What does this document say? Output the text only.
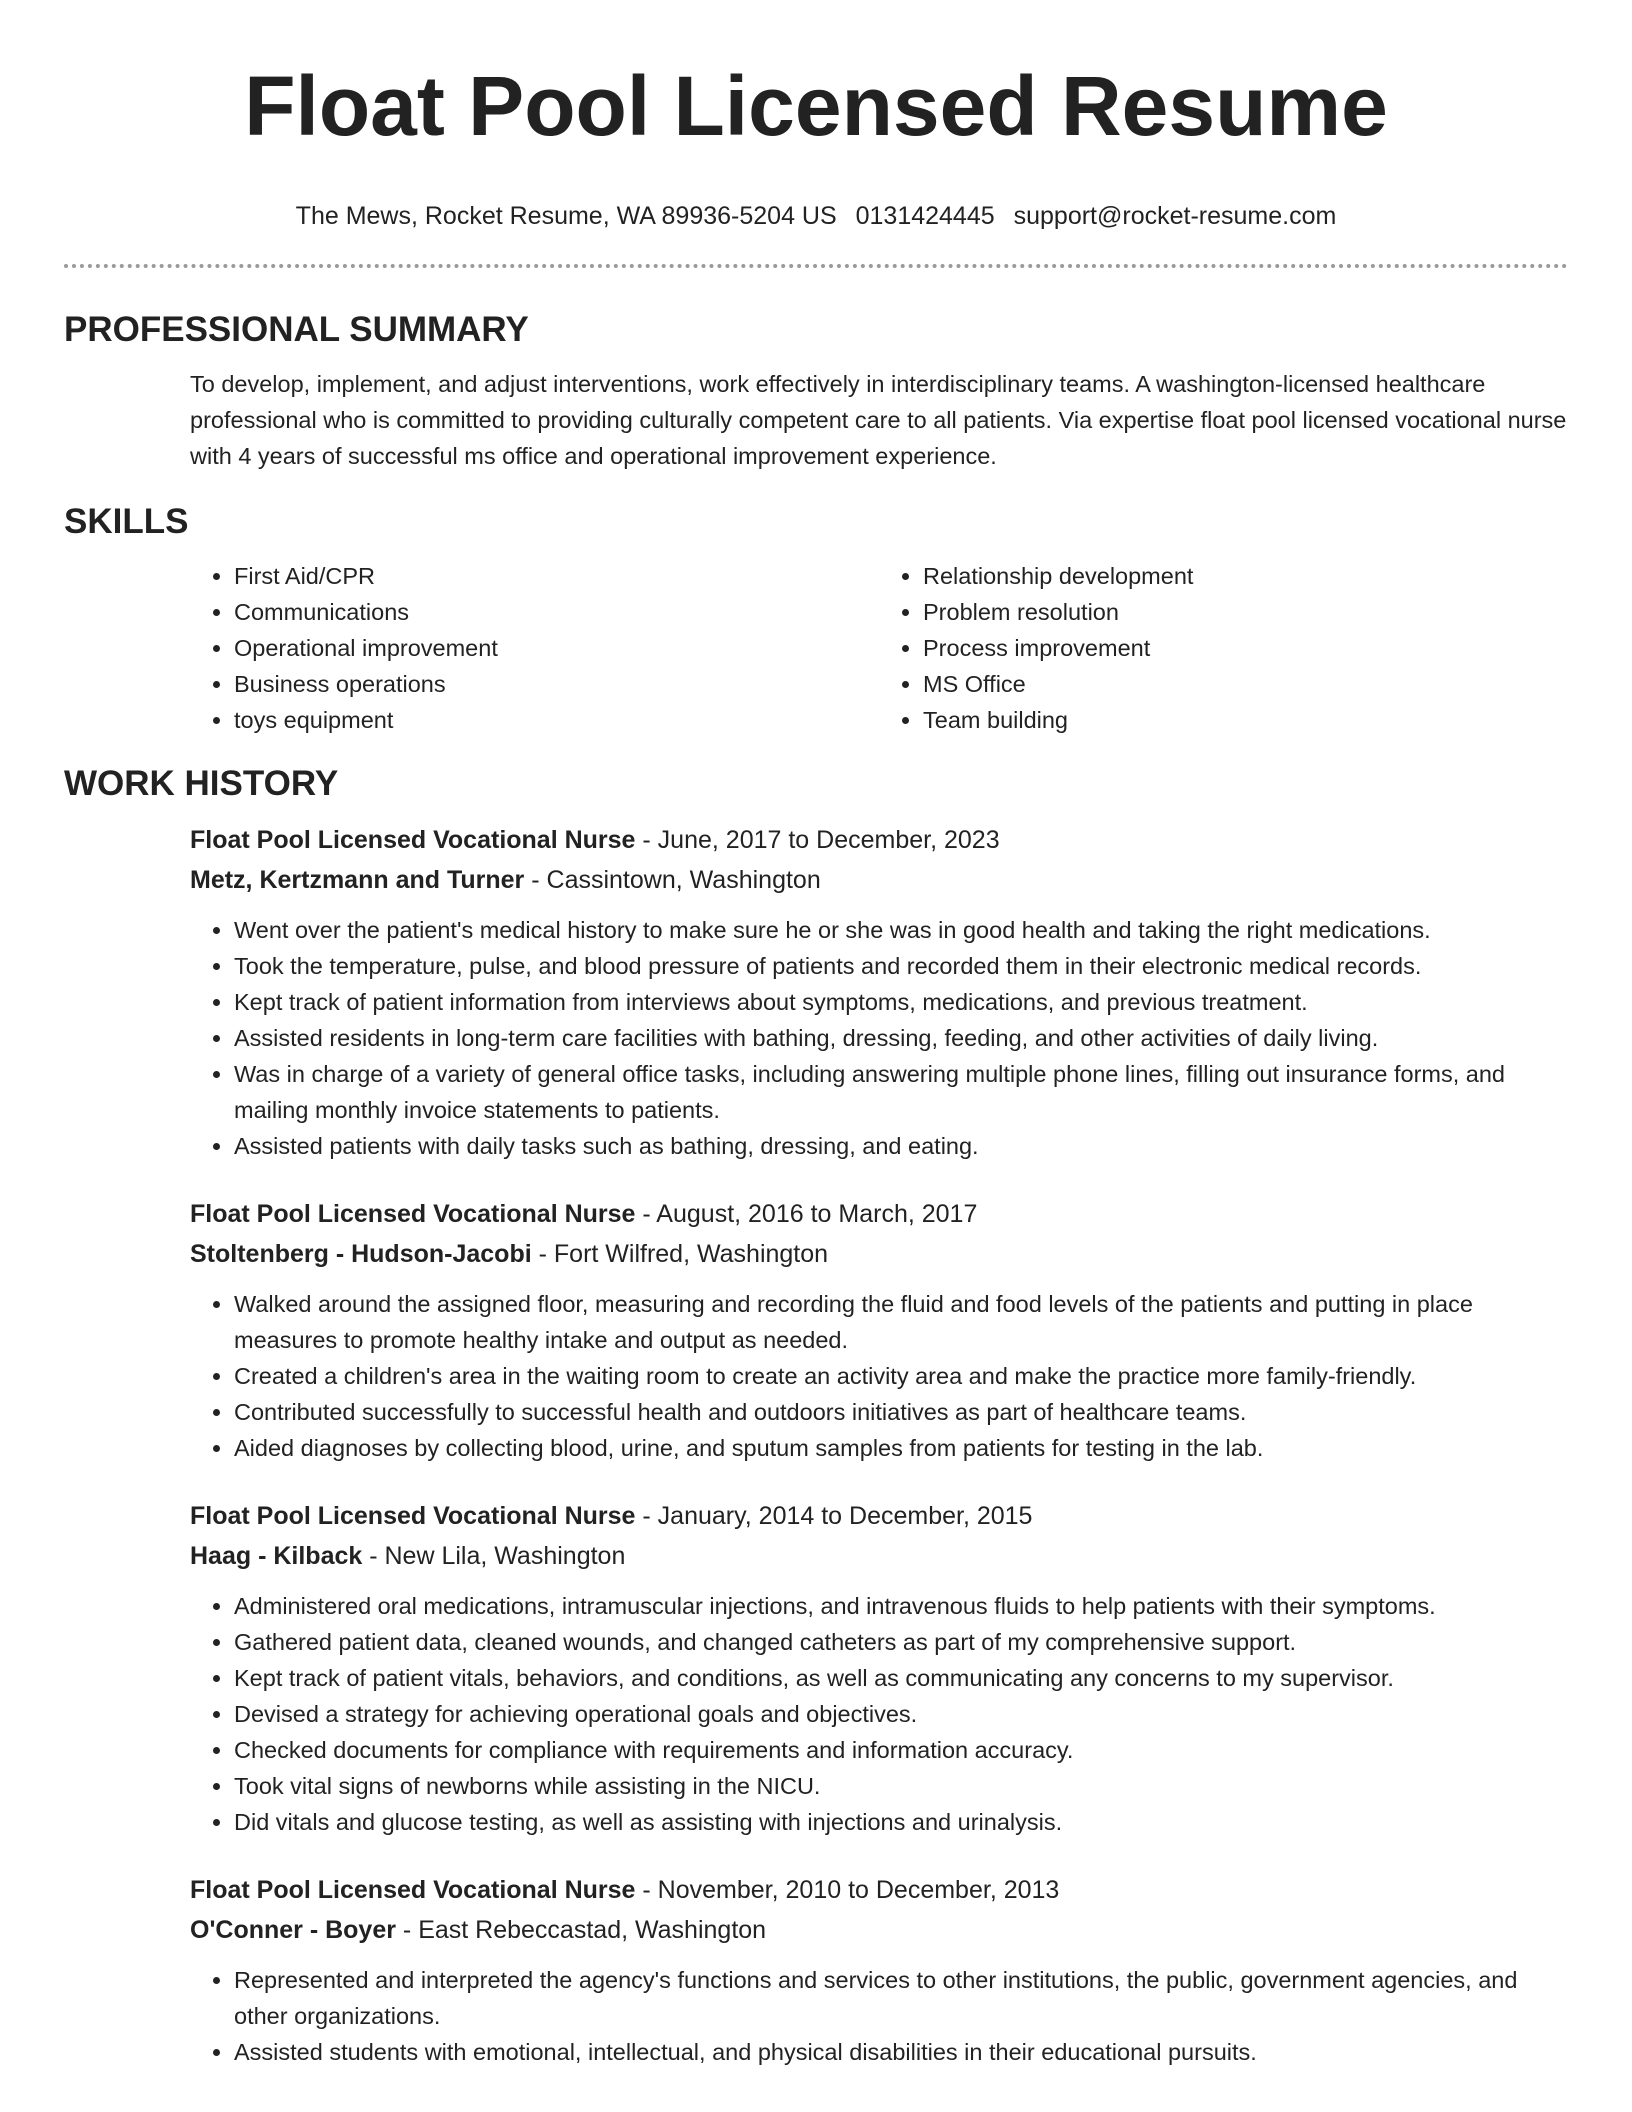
Float Pool Licensed Resume
The Mews, Rocket Resume, WA 89936-5204 US 0131424445 support@rocket-resume.com
PROFESSIONAL SUMMARY

To develop, implement, and adjust interventions, work effectively in interdisciplinary teams. A washington-licensed healthcare professional who is committed to providing culturally competent care to all patients. Via expertise float pool licensed vocational nurse with 4 years of successful ms office and operational improvement experience.

SKILLS
• First Aid/CPR
• Communications
• Operational improvement
• Business operations
• toys equipment
• Relationship development
• Problem resolution
• Process improvement
• MS Office
• Team building
WORK HISTORY
Float Pool Licensed Vocational Nurse - June, 2017 to December, 2023
Metz, Kertzmann and Turner - Cassintown, Washington
• Went over the patient's medical history to make sure he or she was in good health and taking the right medications.
• Took the temperature, pulse, and blood pressure of patients and recorded them in their electronic medical records.
• Kept track of patient information from interviews about symptoms, medications, and previous treatment.
• Assisted residents in long-term care facilities with bathing, dressing, feeding, and other activities of daily living.
• Was in charge of a variety of general office tasks, including answering multiple phone lines, filling out insurance forms, and mailing monthly invoice statements to patients.
• Assisted patients with daily tasks such as bathing, dressing, and eating.
Float Pool Licensed Vocational Nurse - August, 2016 to March, 2017
Stoltenberg - Hudson-Jacobi - Fort Wilfred, Washington
• Walked around the assigned floor, measuring and recording the fluid and food levels of the patients and putting in place measures to promote healthy intake and output as needed.
• Created a children's area in the waiting room to create an activity area and make the practice more family-friendly.
• Contributed successfully to successful health and outdoors initiatives as part of healthcare teams.
• Aided diagnoses by collecting blood, urine, and sputum samples from patients for testing in the lab.
Float Pool Licensed Vocational Nurse - January, 2014 to December, 2015
Haag - Kilback - New Lila, Washington
• Administered oral medications, intramuscular injections, and intravenous fluids to help patients with their symptoms.
• Gathered patient data, cleaned wounds, and changed catheters as part of my comprehensive support.
• Kept track of patient vitals, behaviors, and conditions, as well as communicating any concerns to my supervisor.
• Devised a strategy for achieving operational goals and objectives.
• Checked documents for compliance with requirements and information accuracy.
• Took vital signs of newborns while assisting in the NICU.
• Did vitals and glucose testing, as well as assisting with injections and urinalysis.
Float Pool Licensed Vocational Nurse - November, 2010 to December, 2013
O'Conner - Boyer - East Rebeccastad, Washington
• Represented and interpreted the agency's functions and services to other institutions, the public, government agencies, and other organizations.
• Assisted students with emotional, intellectual, and physical disabilities in their educational pursuits.
